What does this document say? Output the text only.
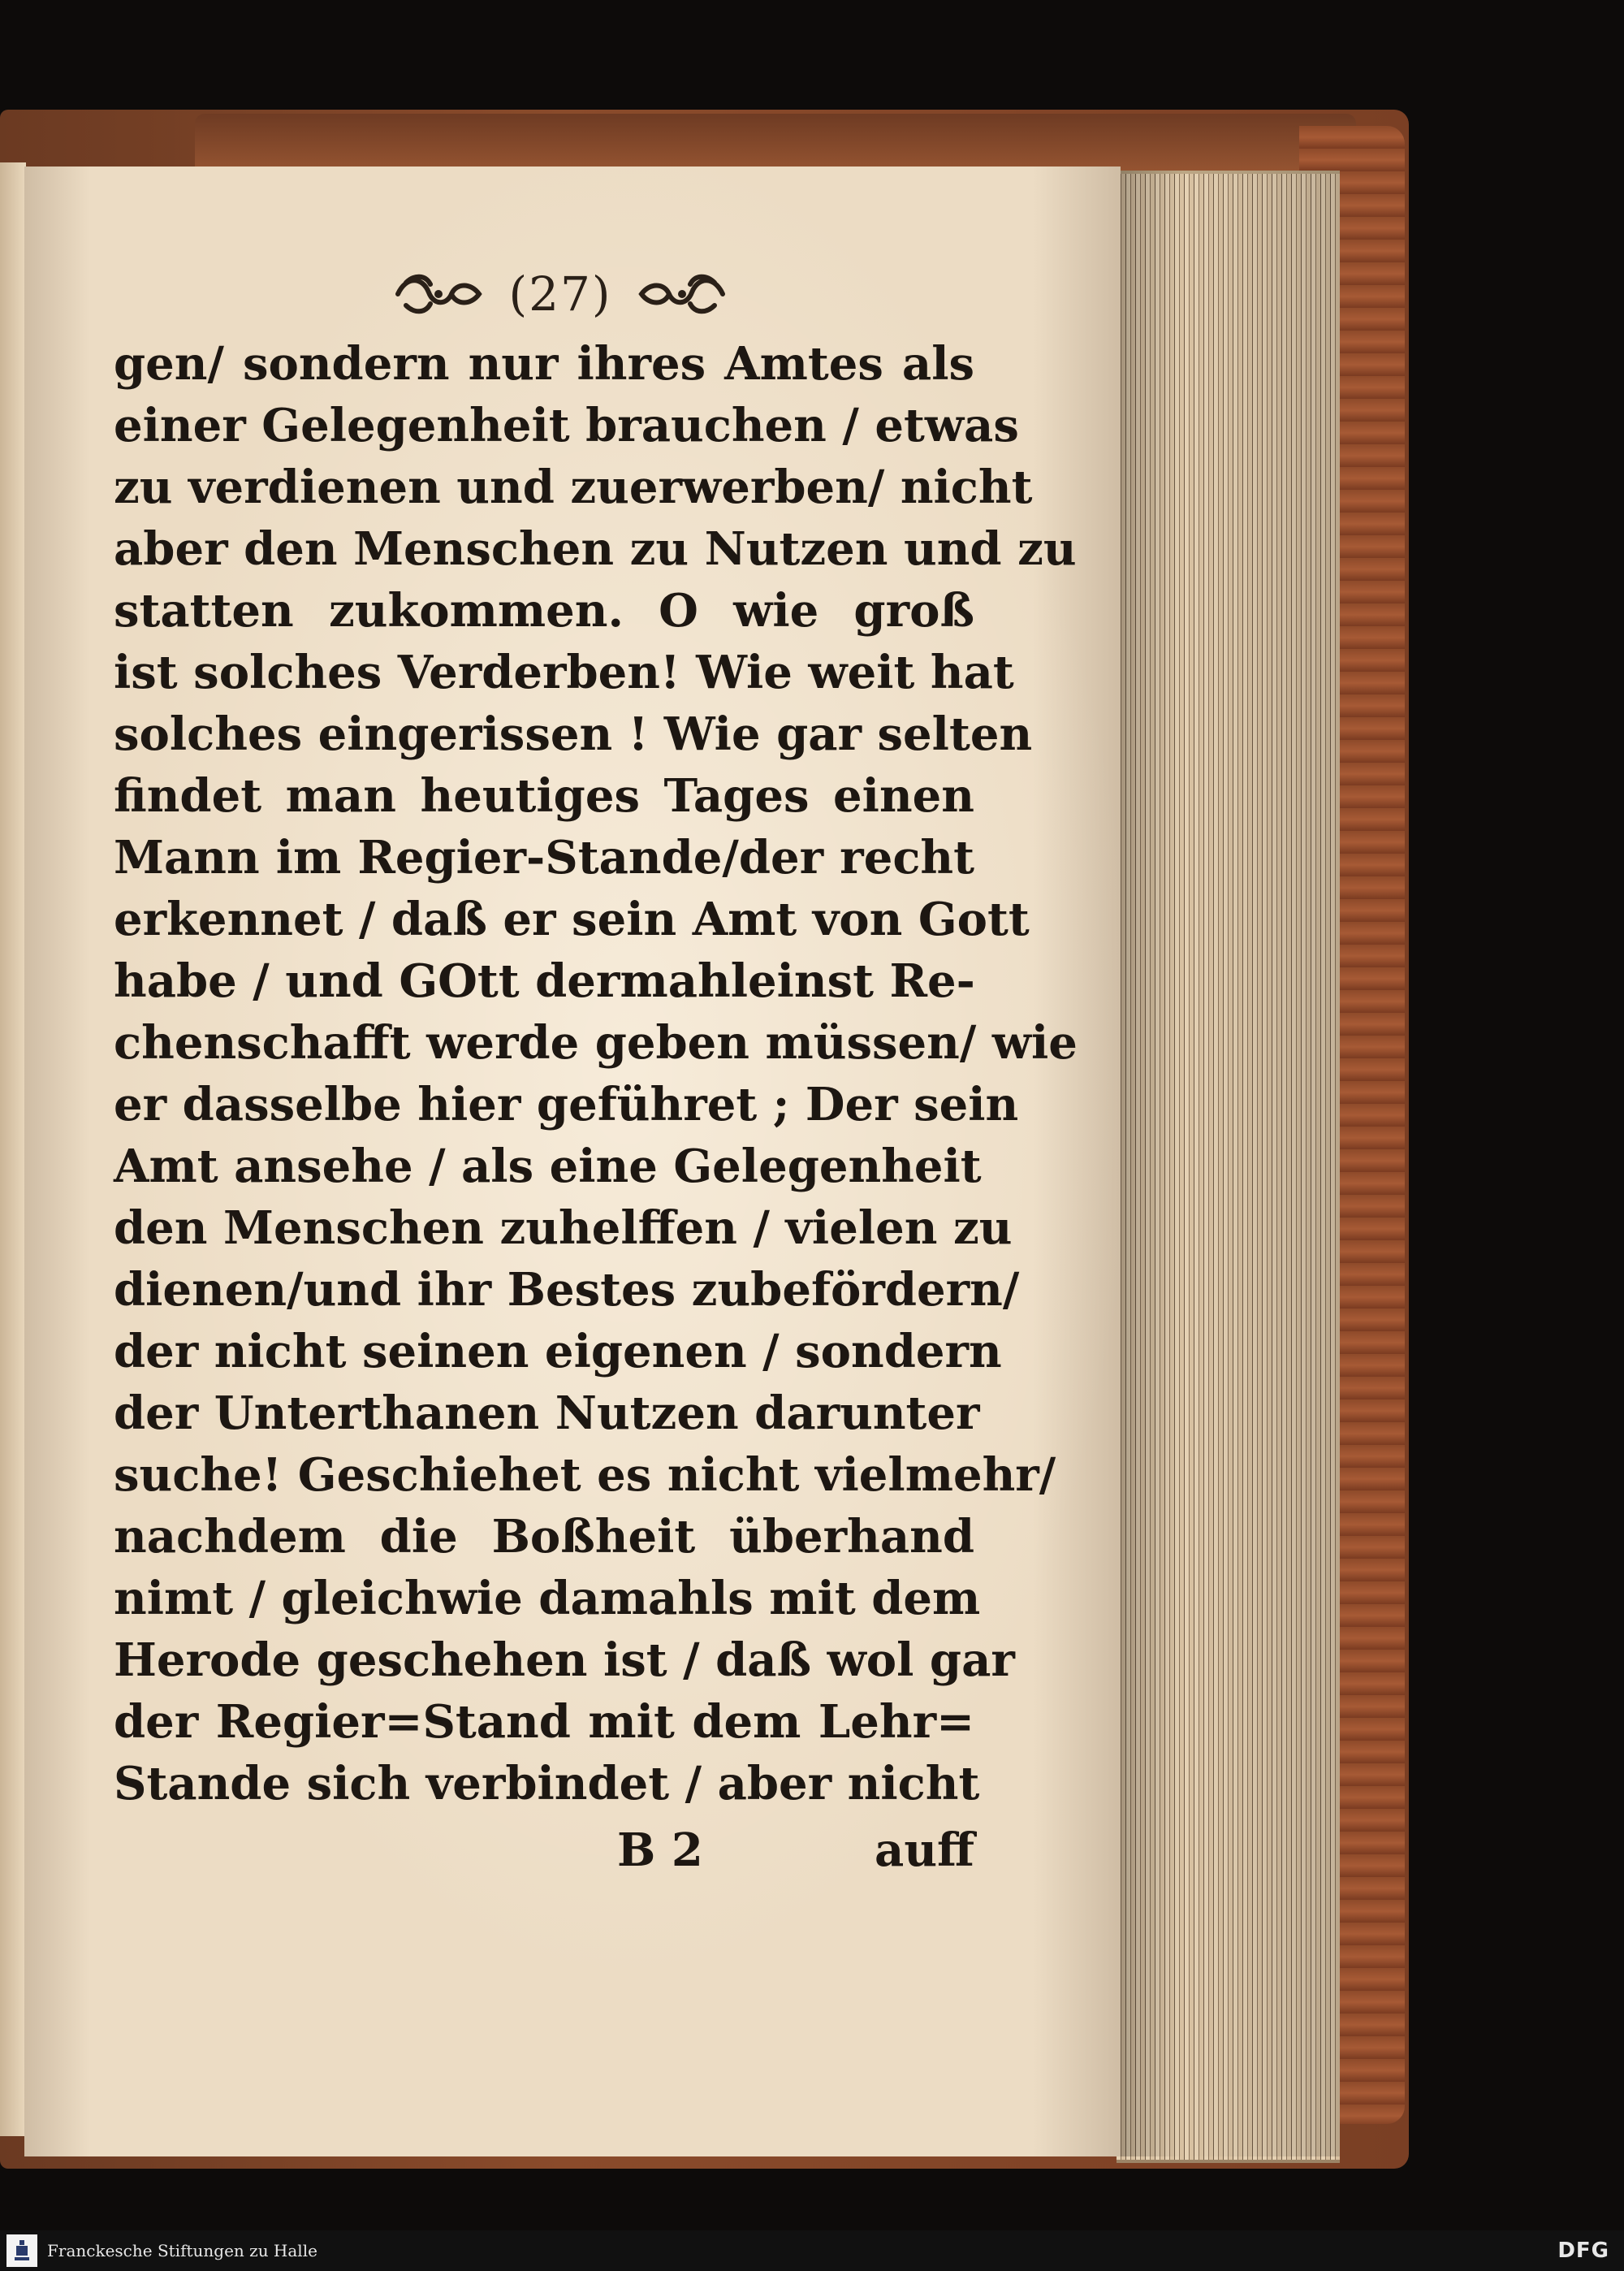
(27)
gen/ sondern nur ihres Amtes als
einer Gelegenheit brauchen / etwas
zu verdienen und zuerwerben/ nicht
aber den Menschen zu Nutzen und zu
statten zukommen. O wie groß
ist solches Verderben! Wie weit hat
solches eingerissen ! Wie gar selten
findet man heutiges Tages einen
Mann im Regier-Stande/der recht
erkennet / daß er sein Amt von Gott
habe / und GOtt dermahleinst Re-
chenschafft werde geben müssen/ wie
er dasselbe hier geführet ; Der sein
Amt ansehe / als eine Gelegenheit
den Menschen zuhelffen / vielen zu
dienen/und ihr Bestes zubefördern/
der nicht seinen eigenen / sondern
der Unterthanen Nutzen darunter
suche! Geschiehet es nicht vielmehr/
nachdem die Boßheit überhand
nimt / gleichwie damahls mit dem
Herode geschehen ist / daß wol gar
der Regier=Stand mit dem Lehr=
Stande sich verbindet / aber nicht
B 2	auff
Franckesche Stiftungen zu Halle	DFG
